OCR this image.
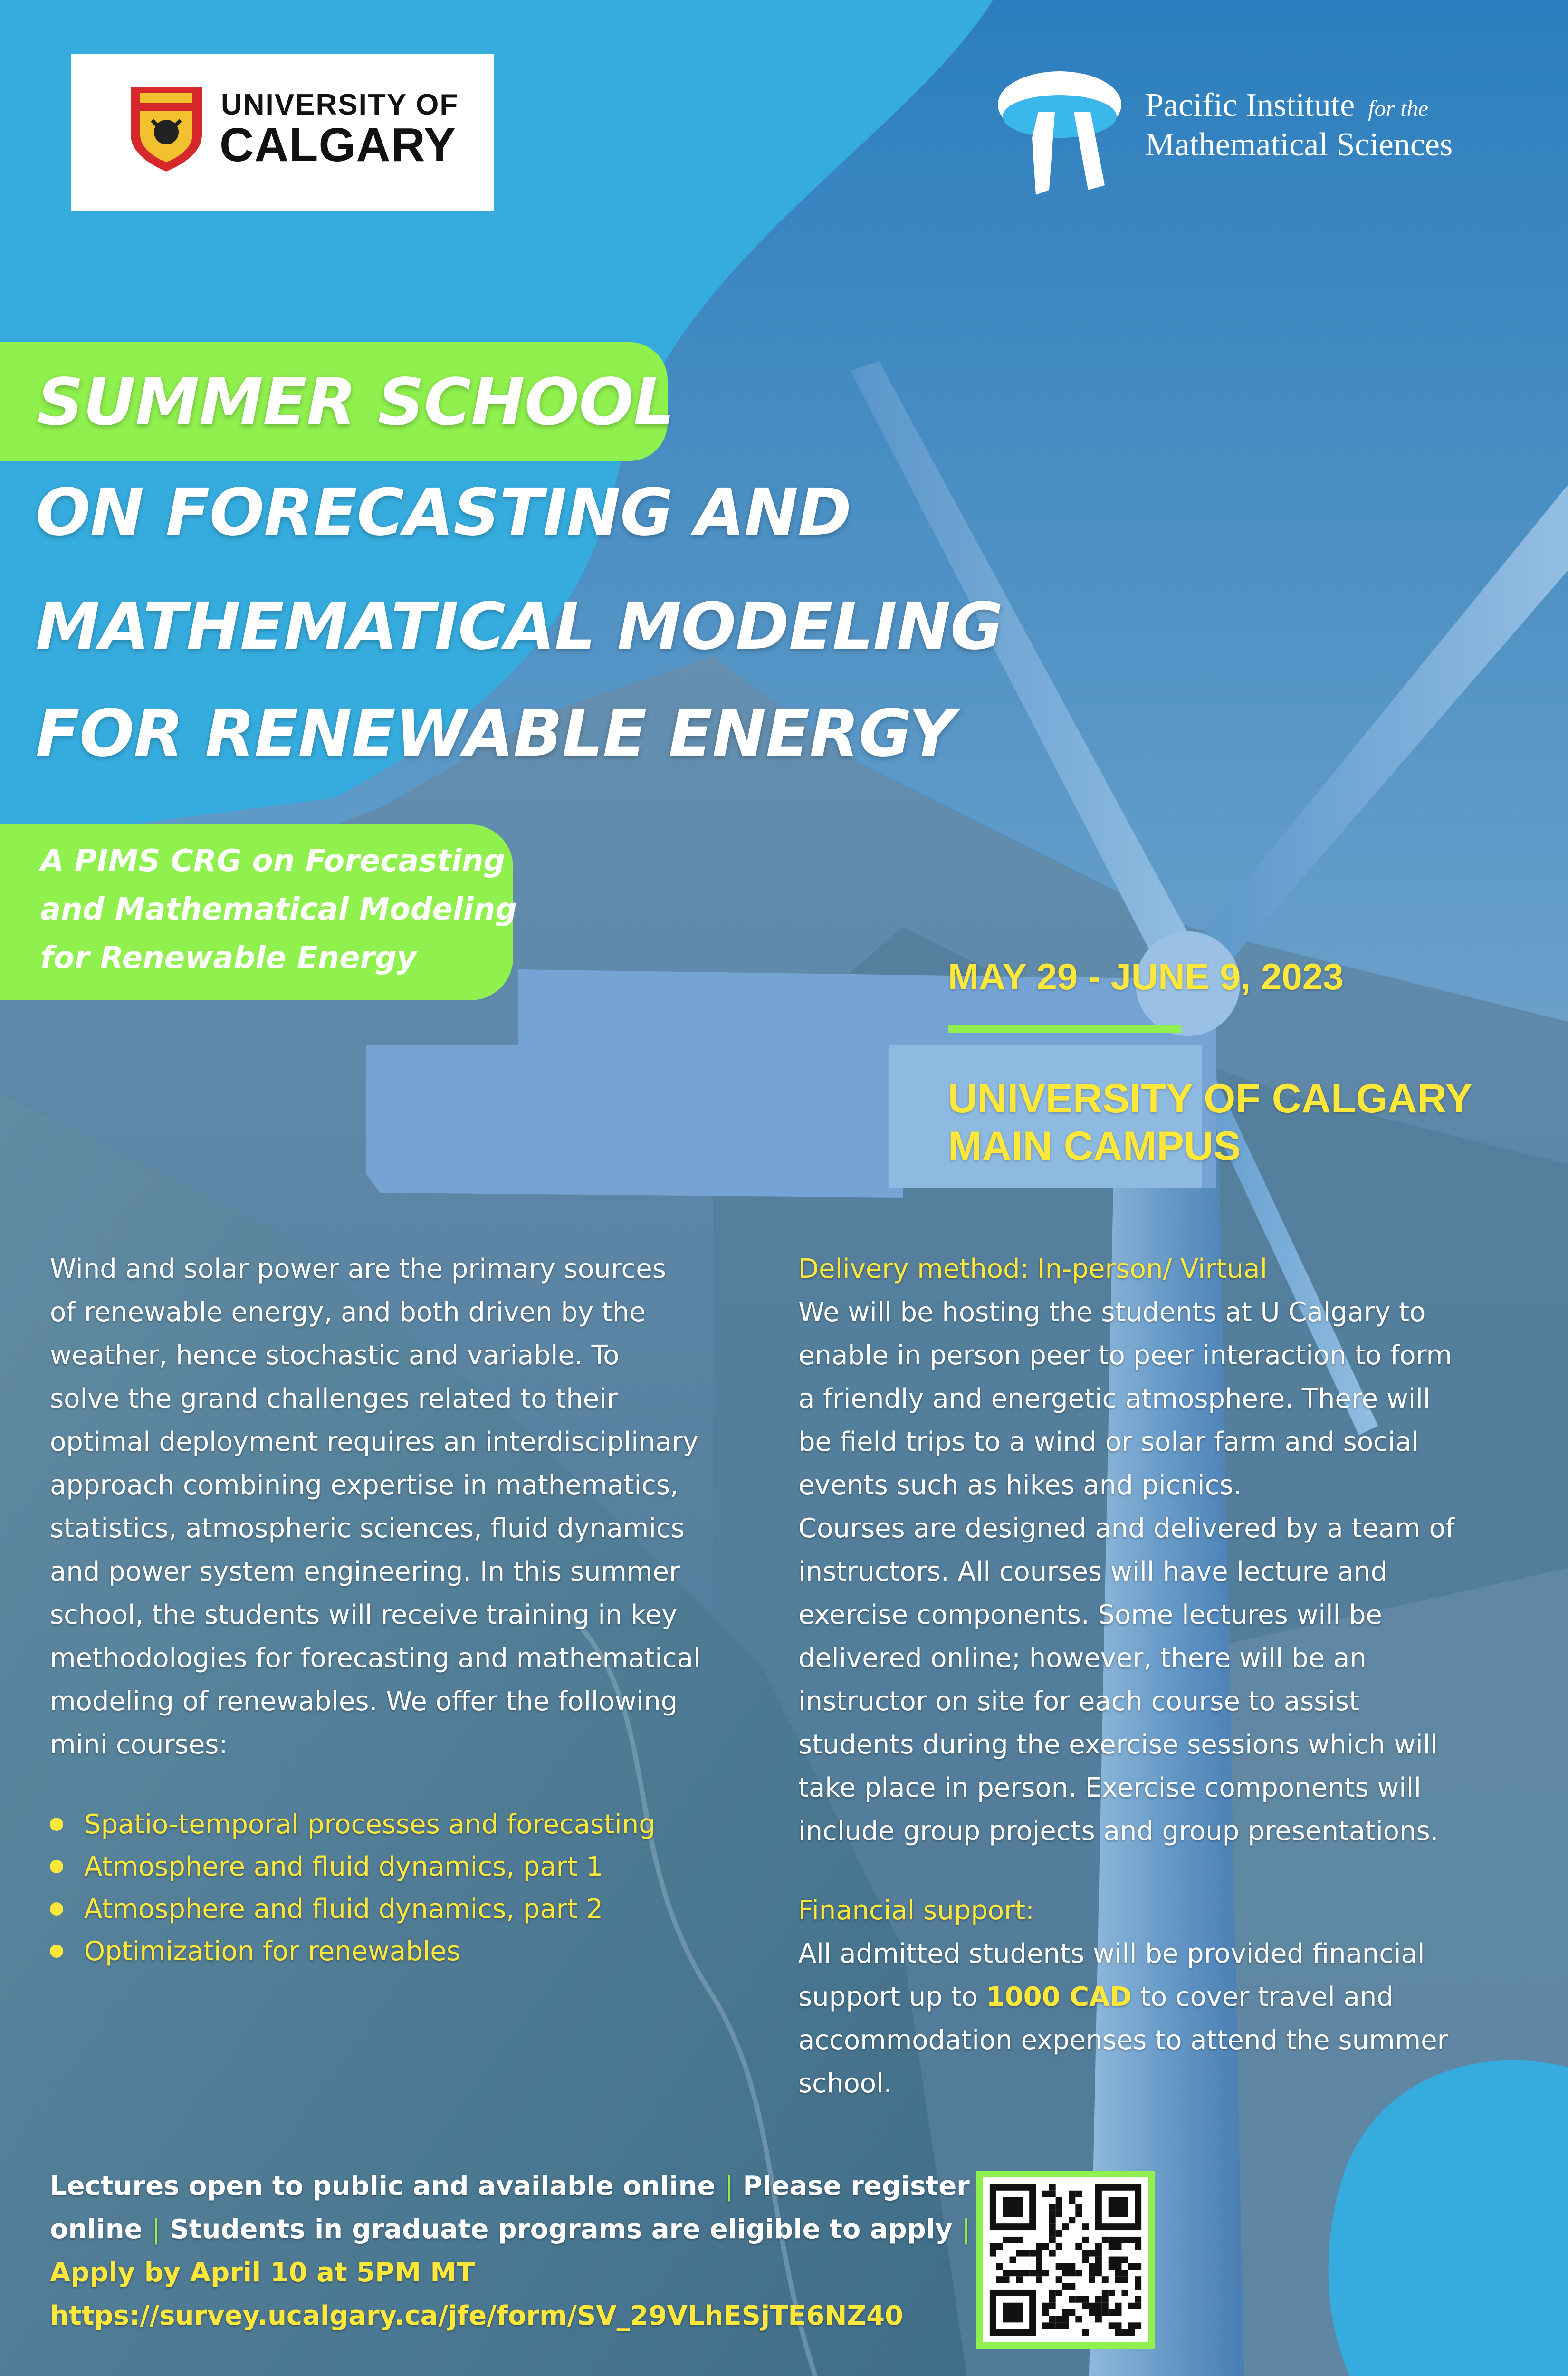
UNIVERSITY OF
CALGARY
Pacific Institute for the
Mathematical Sciences
SUMMER SCHOOL
ON FORECASTING AND
MATHEMATICAL MODELING
FOR RENEWABLE ENERGY
A PIMS CRG on Forecasting
and Mathematical Modeling
for Renewable Energy	MAY 29 - JUNE 9, 2023
UNIVERSITY OF CALGARY
MAIN CAMPUS
Wind and solar power are the primary sources
of renewable energy, and both driven by the
weather, hence stochastic and variable. To
solve the grand challenges related to their
optimal deployment requires an interdisciplinary
approach combining expertise in mathematics,
statistics, atmospheric sciences, fluid dynamics
and power system engineering. In this summer
school, the students will receive training in key
methodologies for forecasting and mathematical
modeling of renewables. We offer the following
mini courses:
Spatio-temporal processes and forecasting
Atmosphere and fluid dynamics, part 1
Atmosphere and fluid dynamics, part 2
Optimization for renewables
Delivery method: In-person/ Virtual
We will be hosting the students at U Calgary to
enable in person peer to peer interaction to form
a friendly and energetic atmosphere. There will
be field trips to a wind or solar farm and social
events such as hikes and picnics.
Courses are designed and delivered by a team of
instructors. All courses will have lecture and
exercise components. Some lectures will be
delivered online; however, there will be an
instructor on site for each course to assist
students during the exercise sessions which will
take place in person. Exercise components will
include group projects and group presentations.
Financial support:
All admitted students will be provided financial
support up to 1000 CAD to cover travel and
accommodation expenses to attend the summer
school.
Lectures open to public and available online | Please register
online | Students in graduate programs are eligible to apply |
Apply by April 10 at 5PM MT
https://survey.ucalgary.ca/jfe/form/SV_29VLhESjTE6NZ40
